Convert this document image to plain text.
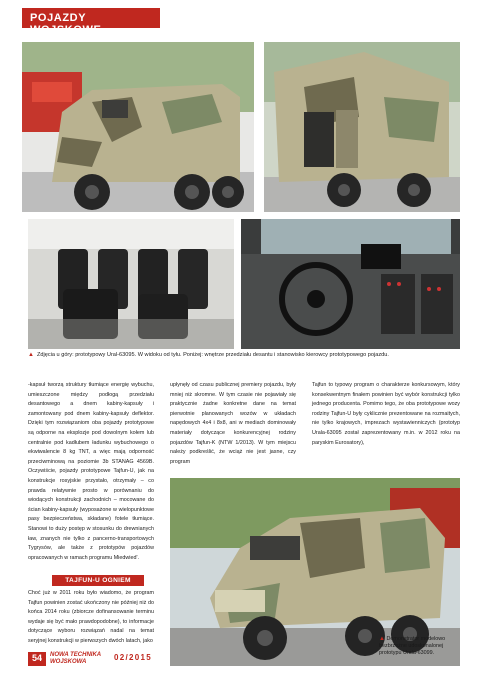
POJAZDY WOJSKOWE
▲ Zdjęcia u góry: prototypowy Ural-63095. W widoku od tyłu. Poniżej: wnętrze przedziału desantu i stanowisko kierowcy prototypowego pojazdu.

-kapsuł tworzą struktury tłumiące energię wybuchu, umieszczone między podłogą przedziału desantowego a dnem kabiny-kapsuły i zamontowany pod dnem kabiny-kapsuły deflektor. Dzięki tym rozwiązaniom oba pojazdy prototypowe są odporne na eksplozje pod dowolnym kołem lub centralnie pod kadłubem ładunku wybuchowego o ekwiwalencie 8 kg TNT, a więc mają odporność przeciwminową na poziomie 3b STANAG 4569B. Oczywiście, pojazdy prototypowe Tajfun-U, jak na konstrukcje rosyjskie przystało, otrzymały – co prawda relatywnie prosto w porównaniu do wiodących konstrukcji zachodnich – mocowane do ścian kabiny-kapsuły (wyposażone w wielopunktowe pasy bezpieczeństwa, składane) fotele tłumiące. Stanowi to duży postęp w stosunku do drewnianych ław, znanych nie tylko z pancerno-transportowych Tygrysów, ale także z prototypów pojazdów opracowanych w ramach programu Miedwied'.

TAJFUN-U OGNIEM

Choć już w 2011 roku było wiadomo, że program Tajfun powinien zostać ukończony nie później niż do końca 2014 roku (zbiorcze dofinansowanie terminu wydaje się być mało prawdopodobne), to informacje dotyczące wyboru rozwiązań nadal na temat seryjnej konstrukcji w pierwszych dwóch latach, jako

upłynęły od czasu publicznej premiery pojazdu, były mniej niż skromne. W tym czasie nie pojawiały się praktycznie żadne konkretne dane na temat pierwotnie planowanych wozów w układach napędowych 4x4 i 8x8, ani w mediach dominowały materiały dotyczące konkurencyjnej rodziny pojazdów Tajfun-K (NTW 1/2013). W tym miejscu należy podkreślić, że wciąż nie jest jasne, czy program

Tajfun to typowy program o charakterze konkursowym, który konsekwentnym finałem powinien być wybór konstrukcji tylko jednego producenta. Pomimo tego, że oba prototypowe wozy rodziny Tajfun-U były cyklicznie prezentowane na rozmaitych, nie tylko krajowych, imprezach wystawienniczych (prototyp Urala-63095 został zaprezentowany m.in. w 2012 roku na paryskim Eurosatory),

▲ Demonstrator modelowo bezbrzeżne udoskonalonej prototypu Urala-63099.
54	NOWA TECHNIKA WOJSKOWA	02/2015
